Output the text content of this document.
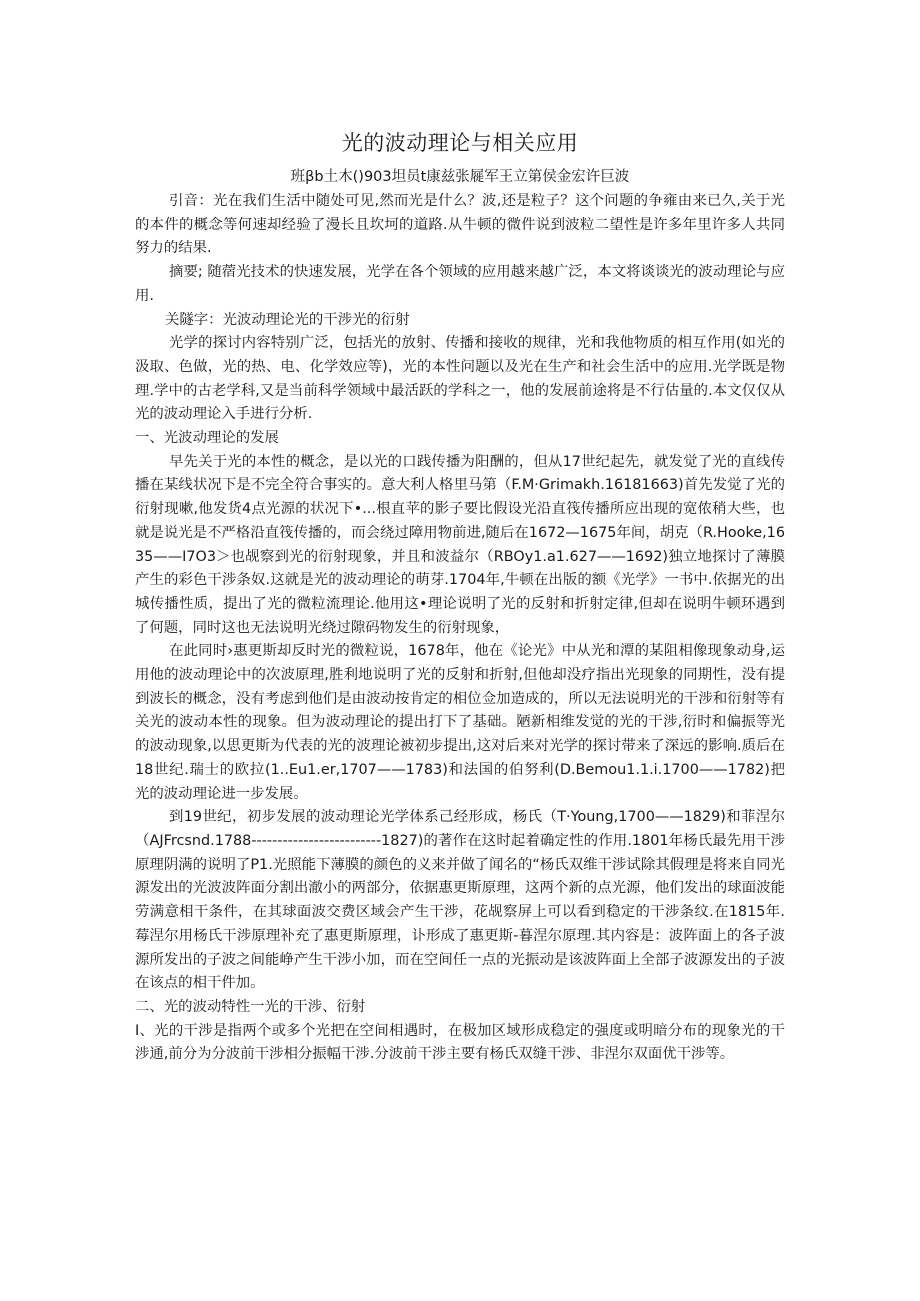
光的波动理论与相关应用
班βb土木()903坦员t康兹张屣军王立第侯金宏许巨波

引音：光在我们生活中随处可见,然而光是什么？波,还是粒子？这个问题的争雍由来已久,关于光的本件的概念等何速却经验了漫长且坎坷的道路.从牛顿的微件说到波粒二望性是许多年里许多人共同努力的结果.

摘要; 随蓿光技术的快速发展，光学在各个领域的应用越来越广泛，本文将谈谈光的波动理论与应用.

关隧字：光波动理论光的干涉光的衍射

光学的探讨内容特别广泛，包括光的放射、传播和接收的规律，光和我他物质的相互作用(如光的汲取、色做，光的热、电、化学效应等)，光的本性问题以及光在生产和社会生活中的应用.光学既是物理.学中的古老学科,又是当前科学领域中最活跃的学科之一，他的发展前途将是不行估量的.本文仅仅从光的波动理论入手进行分析.

一、光波动理论的发展

早先关于光的本性的概念，是以光的口践传播为阳酬的，但从17世纪起先，就发觉了光的直线传播在某线状况下是不完全符合事实的。意大利人格里马第（F.M·Grimakh.16181663)首先发觉了光的衍射现嗽,他发货4点光源的状况下•...根直苹的影子要比假设光沿直筏传播所应出现的宽侬稍大些，也就是说光是不严格沿直筏传播的，而会绕过障用物前进,随后在1672—1675年间，胡克（R.Hooke,1635——I7O3＞也觇察到光的衍射现象，并且和波益尔（RBOy1.a1.627——1692)独立地探讨了薄膜产生的彩色干涉条奴.这就是光的波动理论的萌芽.1704年,牛顿在出版的额《光学》一书中.依据光的出城传播性质，提出了光的微粒流理论.他用这•理论说明了光的反射和折射定律,但却在说明牛顿环遇到了何题，同时这也无法说明光绕过隙码物发生的衍射现象，

在此同时›惠更斯却反时光的微粒说，1678年，他在《论光》中从光和潭的某阻相像现象动身,运用他的波动理论中的次波原理,胜利地说明了光的反射和折射,但他却没疗指出光现象的同期性，没有提到波长的概念，没有考虑到他们是由波动按肯定的相位佥加造成的，所以无法说明光的干涉和衍射等有关光的波动本性的现象。但为波动理论的提出打下了基础。陋新相维发觉的光的干涉,衍时和偏振等光的波动现象,以思更斯为代表的光的波理论被初步提出,这对后来对光学的探讨带来了深远的影响.质后在18世纪.瑞士的欧拉(1..Eu1.er,1707——1783)和法国的伯努利(D.Bemou1.1.i.1700——1782)把光的波动理论进一步发展。

到19世纪，初步发展的波动理论光学体系己经形成，杨氏（T·Young,1700——1829)和菲涅尔（AJFrcsnd.1788-------------------------1827)的著作在这时起着确定性的作用.1801年杨氏最先用干涉原理阴满的说明了P1.光照能下薄膜的颜色的义来并做了闻名的“杨氏双维干涉试除其假理是将来自同光源发出的光波波阵面分割出澈小的两部分，依据惠更斯原理，这两个新的点光源，他们发出的球面波能劳满意相干条件，在其球面波交费区域会产生干涉，花觇察屏上可以看到稳定的干涉条纹.在1815年.莓涅尔用杨氏干涉原理补充了惠更斯原理，讣形成了惠更斯-暮涅尔原理.其内容是：波阵面上的各子波源所发出的子波之间能峥产生干涉小加，而在空间任一点的光振动是该波阵面上全部子波源发出的子波在该点的相干件加。

二、光的波动特性一光的干涉、衍射

I、光的干涉是指两个或多个光把在空间相遇时，在极加区域形成稳定的强度或明暗分布的现象光的干涉通,前分为分波前干涉相分振幅干涉.分波前干涉主要有杨氏双缝干涉、非涅尔双面优干涉等。
